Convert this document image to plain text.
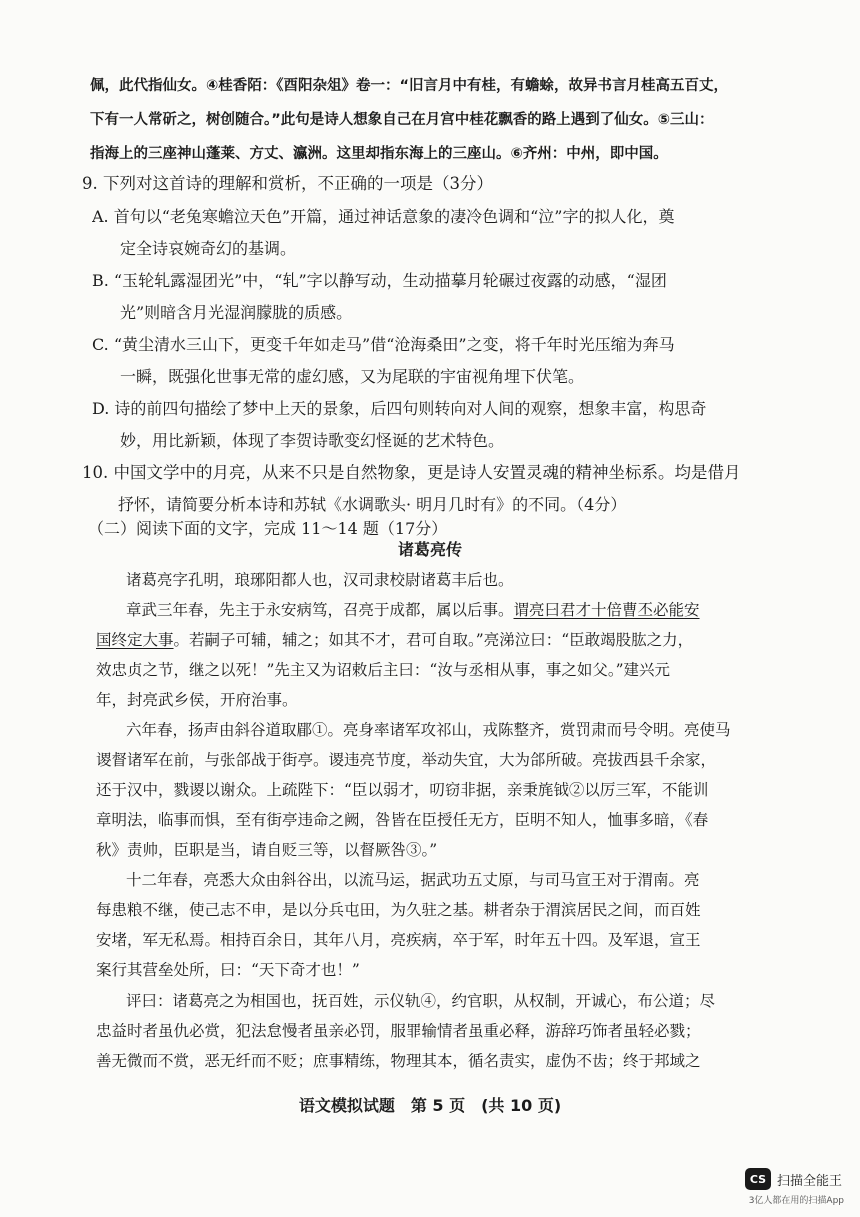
佩，此代指仙女。④桂香陌：《酉阳杂俎》卷一：“旧言月中有桂，有蟾蜍，故异书言月桂高五百丈，
下有一人常斫之，树创随合。”此句是诗人想象自己在月宫中桂花飘香的路上遇到了仙女。⑤三山：
指海上的三座神山蓬莱、方丈、瀛洲。这里却指东海上的三座山。⑥齐州：中州，即中国。
9. 下列对这首诗的理解和赏析，不正确的一项是（3分）
A. 首句以“老兔寒蟾泣天色”开篇，通过神话意象的凄冷色调和“泣”字的拟人化，奠
定全诗哀婉奇幻的基调。
B. “玉轮轧露湿团光”中，“轧”字以静写动，生动描摹月轮碾过夜露的动感，“湿团
光”则暗含月光湿润朦胧的质感。
C. “黄尘清水三山下，更变千年如走马”借“沧海桑田”之变，将千年时光压缩为奔马
一瞬，既强化世事无常的虚幻感，又为尾联的宇宙视角埋下伏笔。
D. 诗的前四句描绘了梦中上天的景象，后四句则转向对人间的观察，想象丰富，构思奇
妙，用比新颖，体现了李贺诗歌变幻怪诞的艺术特色。
10. 中国文学中的月亮，从来不只是自然物象，更是诗人安置灵魂的精神坐标系。均是借月
抒怀，请简要分析本诗和苏轼《水调歌头· 明月几时有》的不同。（4分）
（二）阅读下面的文字，完成 11～14 题（17分）
诸葛亮传
诸葛亮字孔明，琅琊阳都人也，汉司隶校尉诸葛丰后也。
章武三年春，先主于永安病笃，召亮于成都，属以后事。谓亮曰君才十倍曹丕必能安
国终定大事。若嗣子可辅，辅之；如其不才，君可自取。”亮涕泣曰：“臣敢竭股肱之力，
效忠贞之节，继之以死！”先主又为诏敕后主曰：“汝与丞相从事，事之如父。”建兴元
年，封亮武乡侯，开府治事。
六年春，扬声由斜谷道取郿①。亮身率诸军攻祁山，戎陈整齐，赏罚肃而号令明。亮使马
谡督诸军在前，与张郃战于街亭。谡违亮节度，举动失宜，大为郃所破。亮拔西县千余家，
还于汉中，戮谡以谢众。上疏陛下：“臣以弱才，叨窃非据，亲秉旄钺②以厉三军，不能训
章明法，临事而惧，至有街亭违命之阙，咎皆在臣授任无方，臣明不知人，恤事多暗，《春
秋》责帅，臣职是当，请自贬三等，以督厥咎③。”
十二年春，亮悉大众由斜谷出，以流马运，据武功五丈原，与司马宣王对于渭南。亮
每患粮不继，使己志不申，是以分兵屯田，为久驻之基。耕者杂于渭滨居民之间，而百姓
安堵，军无私焉。相持百余日，其年八月，亮疾病，卒于军，时年五十四。及军退，宣王
案行其营垒处所，曰：“天下奇才也！”
评曰：诸葛亮之为相国也，抚百姓，示仪轨④，约官职，从权制，开诚心，布公道；尽
忠益时者虽仇必赏，犯法怠慢者虽亲必罚，服罪输情者虽重必释，游辞巧饰者虽轻必戮；
善无微而不赏，恶无纤而不贬；庶事精练，物理其本，循名责实，虚伪不齿；终于邦域之
语文模拟试题　第 5 页　(共 10 页)
CS 扫描全能王
3亿人都在用的扫描App
